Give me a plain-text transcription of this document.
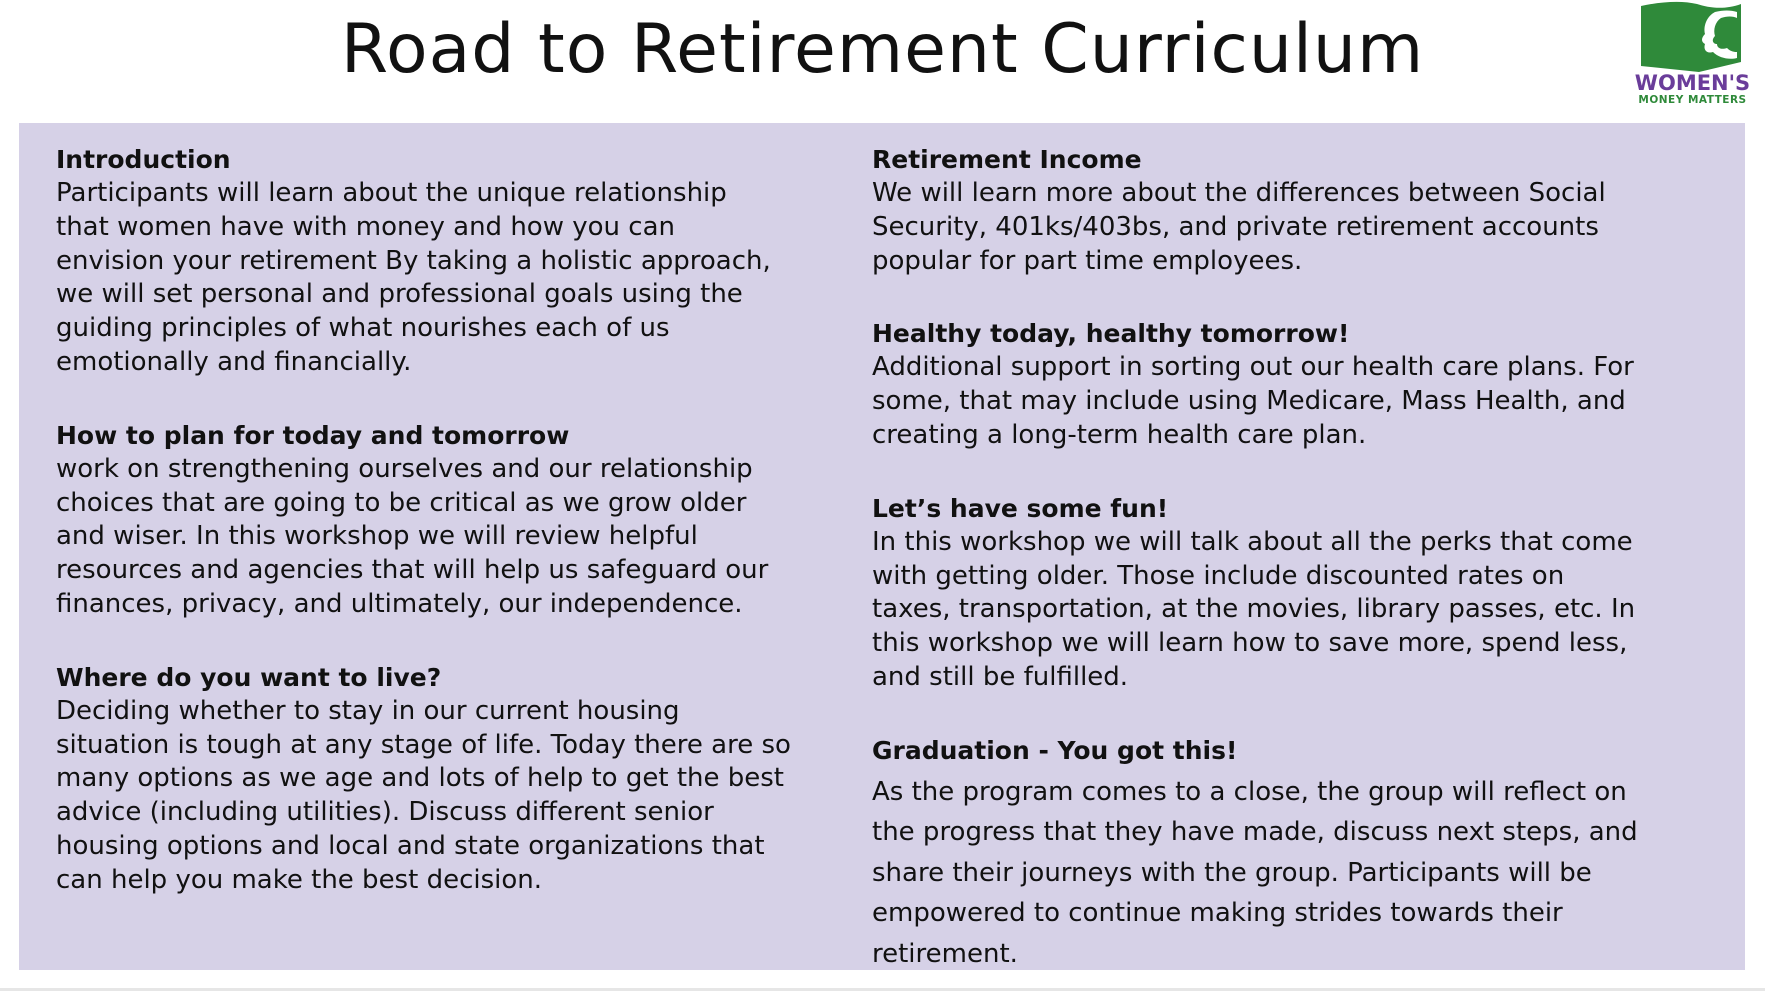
Road to Retirement Curriculum	WOMEN'S
MONEY MATTERS
Introduction

Participants will learn about the unique relationship
that women have with money and how you can
envision your retirement By taking a holistic approach,
we will set personal and professional goals using the
guiding principles of what nourishes each of us
emotionally and financially.

How to plan for today and tomorrow

work on strengthening ourselves and our relationship
choices that are going to be critical as we grow older
and wiser. In this workshop we will review helpful
resources and agencies that will help us safeguard our
finances, privacy, and ultimately, our independence.

Where do you want to live?

Deciding whether to stay in our current housing
situation is tough at any stage of life. Today there are so
many options as we age and lots of help to get the best
advice (including utilities). Discuss different senior
housing options and local and state organizations that
can help you make the best decision.

Retirement Income

We will learn more about the differences between Social
Security, 401ks/403bs, and private retirement accounts
popular for part time employees.

Healthy today, healthy tomorrow!

Additional support in sorting out our health care plans. For
some, that may include using Medicare, Mass Health, and
creating a long-term health care plan.

Let’s have some fun!

In this workshop we will talk about all the perks that come
with getting older. Those include discounted rates on
taxes, transportation, at the movies, library passes, etc. In
this workshop we will learn how to save more, spend less,
and still be fulfilled.

Graduation - You got this!

As the program comes to a close, the group will reflect on
the progress that they have made, discuss next steps, and
share their journeys with the group. Participants will be
empowered to continue making strides towards their
retirement.
